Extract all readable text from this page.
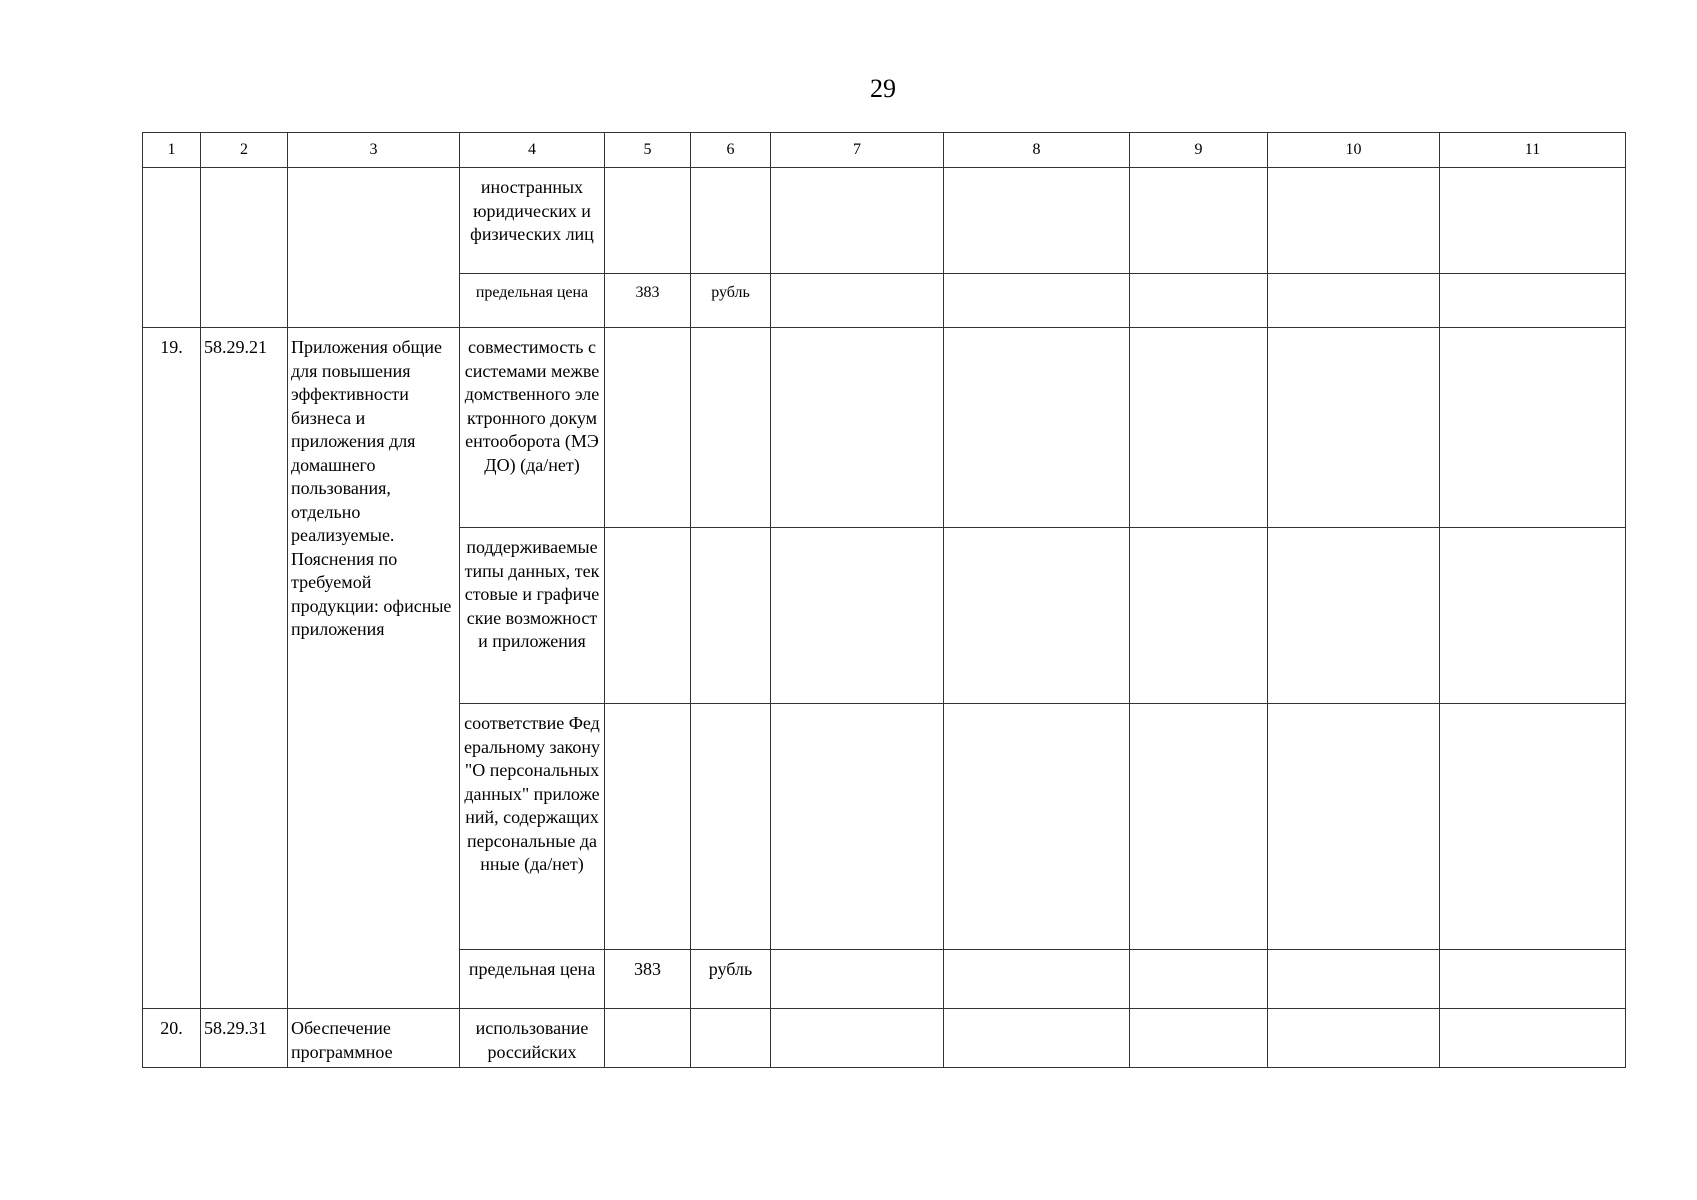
29
1	2	3	4	5	6	7	8	9	10	11
			иностранных юридических и физических лиц							
			предельная цена	383	рубль					
19.	58.29.21	Приложения общие для повышения эффективности бизнеса и приложения для домашнего пользования, отдельно реализуемые. Пояснения по требуемой продукции: офисные приложения	совместимость с системами межведомственного электронного документооборота (МЭДО) (да/нет)							
			поддерживаемые типы данных, текстовые и графические возможности приложения							
			соответствие Федеральному закону "О персональных данных" приложений, содержащих персональные данные (да/нет)							
			предельная цена	383	рубль					
20.	58.29.31	Обеспечение программное	использование российских							
